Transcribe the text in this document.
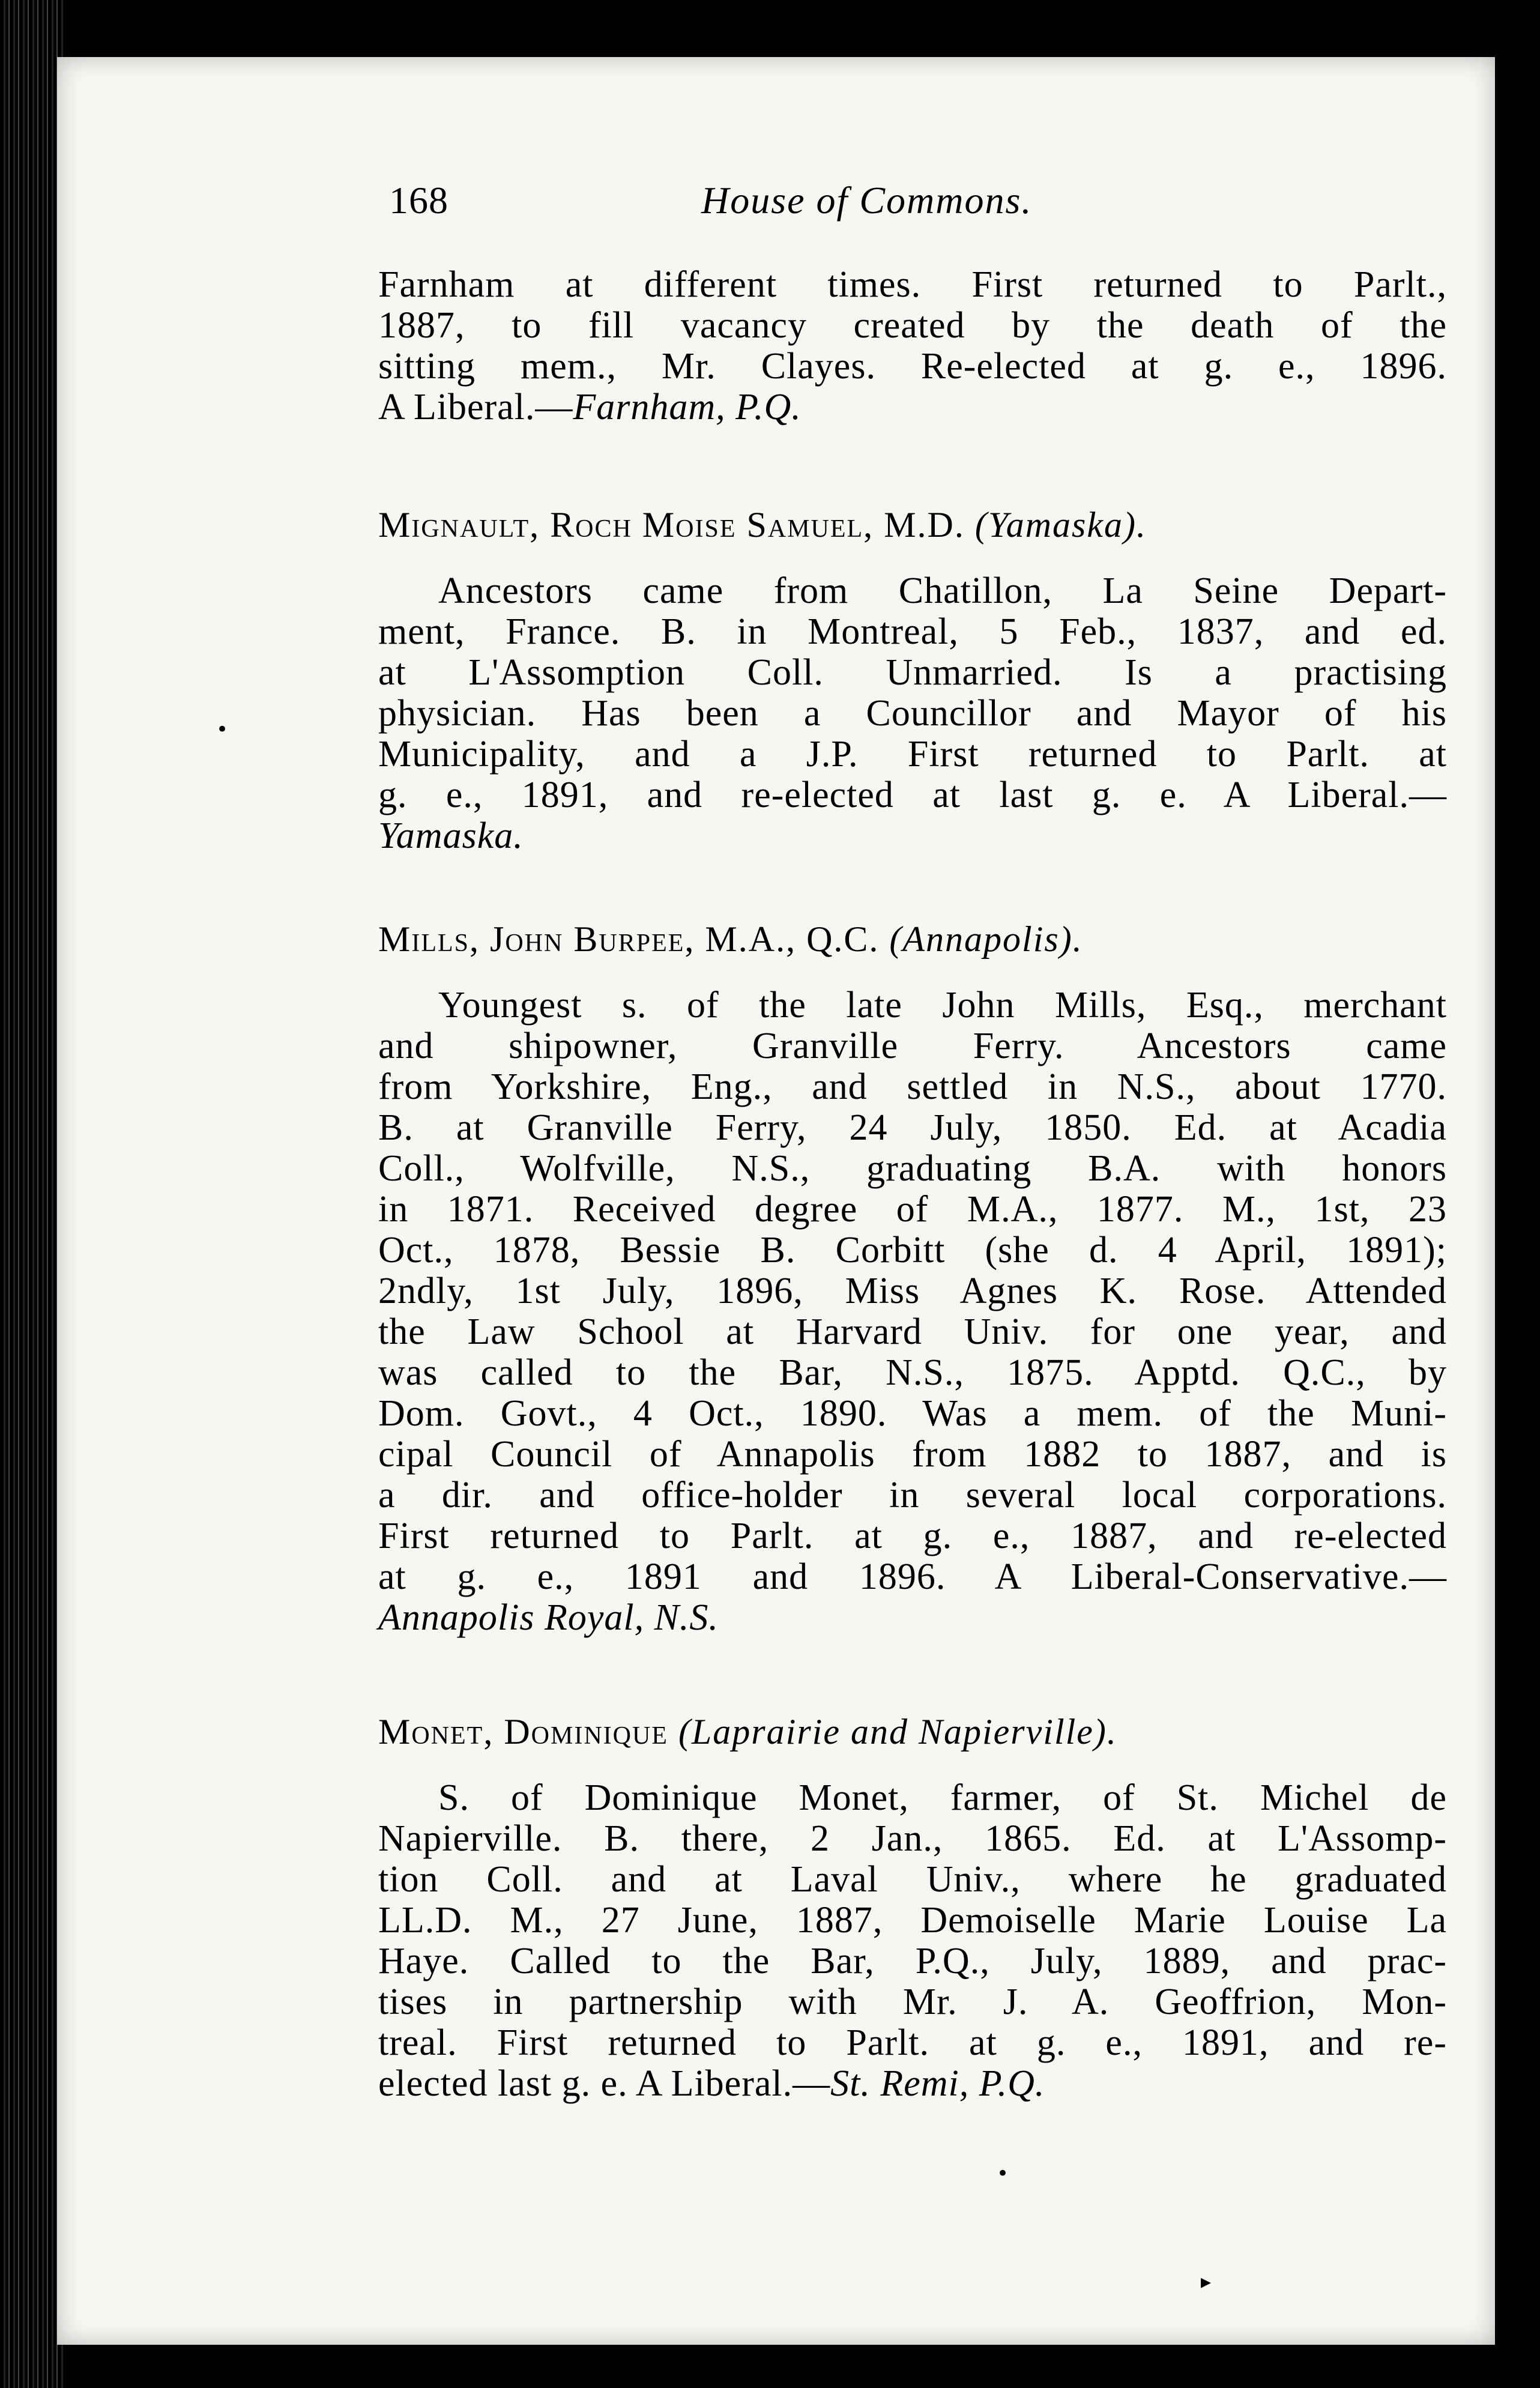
168	House of Commons.
Farnham at different times. First returned to Parlt.,
1887, to fill vacancy created by the death of the
sitting mem., Mr. Clayes. Re-elected at g. e., 1896.
A Liberal.—Farnham, P.Q.
Mignault, Roch Moise Samuel, M.D. (Yamaska).
Ancestors came from Chatillon, La Seine Depart-
ment, France. B. in Montreal, 5 Feb., 1837, and ed.
at L'Assomption Coll. Unmarried. Is a practising
physician. Has been a Councillor and Mayor of his
Municipality, and a J.P. First returned to Parlt. at
g. e., 1891, and re-elected at last g. e. A Liberal.—
Yamaska.
Mills, John Burpee, M.A., Q.C. (Annapolis).
Youngest s. of the late John Mills, Esq., merchant
and shipowner, Granville Ferry. Ancestors came
from Yorkshire, Eng., and settled in N.S., about 1770.
B. at Granville Ferry, 24 July, 1850. Ed. at Acadia
Coll., Wolfville, N.S., graduating B.A. with honors
in 1871. Received degree of M.A., 1877. M., 1st, 23
Oct., 1878, Bessie B. Corbitt (she d. 4 April, 1891);
2ndly, 1st July, 1896, Miss Agnes K. Rose. Attended
the Law School at Harvard Univ. for one year, and
was called to the Bar, N.S., 1875. Apptd. Q.C., by
Dom. Govt., 4 Oct., 1890. Was a mem. of the Muni-
cipal Council of Annapolis from 1882 to 1887, and is
a dir. and office-holder in several local corporations.
First returned to Parlt. at g. e., 1887, and re-elected
at g. e., 1891 and 1896. A Liberal-Conservative.—
Annapolis Royal, N.S.
Monet, Dominique (Laprairie and Napierville).
S. of Dominique Monet, farmer, of St. Michel de
Napierville. B. there, 2 Jan., 1865. Ed. at L'Assomp-
tion Coll. and at Laval Univ., where he graduated
LL.D. M., 27 June, 1887, Demoiselle Marie Louise La
Haye. Called to the Bar, P.Q., July, 1889, and prac-
tises in partnership with Mr. J. A. Geoffrion, Mon-
treal. First returned to Parlt. at g. e., 1891, and re-
elected last g. e. A Liberal.—St. Remi, P.Q.
•
•
▸
